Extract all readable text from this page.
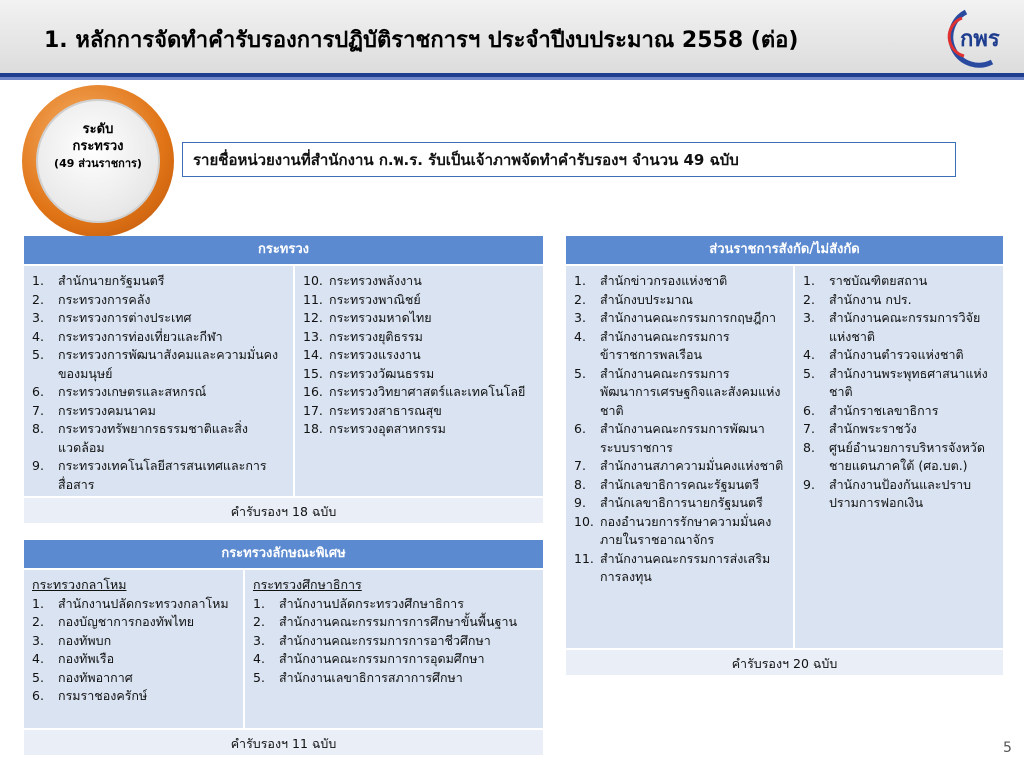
1. หลักการจัดทำคำรับรองการปฏิบัติราชการฯ ประจำปีงบประมาณ 2558 (ต่อ)	กพร
ระดับ
กระทรวง
(49 ส่วนราชการ)	รายชื่อหน่วยงานที่สำนักงาน ก.พ.ร. รับเป็นเจ้าภาพจัดทำคำรับรองฯ จำนวน 49 ฉบับ
กระทรวง
1.	สำนักนายกรัฐมนตรี
2.	กระทรวงการคลัง
3.	กระทรวงการต่างประเทศ
4.	กระทรวงการท่องเที่ยวและกีฬา
5.	กระทรวงการพัฒนาสังคมและความมั่นคงของมนุษย์
6.	กระทรวงเกษตรและสหกรณ์
7.	กระทรวงคมนาคม
8.	กระทรวงทรัพยากรธรรมชาติและสิ่งแวดล้อม
9.	กระทรวงเทคโนโลยีสารสนเทศและการสื่อสาร
10. กระทรวงพลังงาน
11. กระทรวงพาณิชย์
12. กระทรวงมหาดไทย
13. กระทรวงยุติธรรม
14. กระทรวงแรงงาน
15. กระทรวงวัฒนธรรม
16. กระทรวงวิทยาศาสตร์และเทคโนโลยี
17. กระทรวงสาธารณสุข
18. กระทรวงอุตสาหกรรม
คำรับรองฯ 18 ฉบับ
กระทรวงลักษณะพิเศษ
กระทรวงกลาโหม
1.	สำนักงานปลัดกระทรวงกลาโหม
2.	กองบัญชาการกองทัพไทย
3.	กองทัพบก
4.	กองทัพเรือ
5.	กองทัพอากาศ
6.	กรมราชองครักษ์
กระทรวงศึกษาธิการ
1.	สำนักงานปลัดกระทรวงศึกษาธิการ
2.	สำนักงานคณะกรรมการการศึกษาขั้นพื้นฐาน
3.	สำนักงานคณะกรรมการการอาชีวศึกษา
4.	สำนักงานคณะกรรมการการอุดมศึกษา
5.	สำนักงานเลขาธิการสภาการศึกษา
คำรับรองฯ 11 ฉบับ
ส่วนราชการสังกัด/ไม่สังกัด
1.	สำนักข่าวกรองแห่งชาติ
2.	สำนักงบประมาณ
3.	สำนักงานคณะกรรมการกฤษฎีกา
4.	สำนักงานคณะกรรมการข้าราชการพลเรือน
5.	สำนักงานคณะกรรมการพัฒนาการเศรษฐกิจและสังคมแห่งชาติ
6.	สำนักงานคณะกรรมการพัฒนาระบบราชการ
7.	สำนักงานสภาความมั่นคงแห่งชาติ
8.	สำนักเลขาธิการคณะรัฐมนตรี
9.	สำนักเลขาธิการนายกรัฐมนตรี
10. กองอำนวยการรักษาความมั่นคงภายในราชอาณาจักร
11. สำนักงานคณะกรรมการส่งเสริมการลงทุน
1.	ราชบัณฑิตยสถาน
2.	สำนักงาน กปร.
3.	สำนักงานคณะกรรมการวิจัยแห่งชาติ
4.	สำนักงานตำรวจแห่งชาติ
5.	สำนักงานพระพุทธศาสนาแห่งชาติ
6.	สำนักราชเลขาธิการ
7.	สำนักพระราชวัง
8.	ศูนย์อำนวยการบริหารจังหวัดชายแดนภาคใต้ (ศอ.บต.)
9.	สำนักงานป้องกันและปราบปรามการฟอกเงิน
คำรับรองฯ 20 ฉบับ
5
